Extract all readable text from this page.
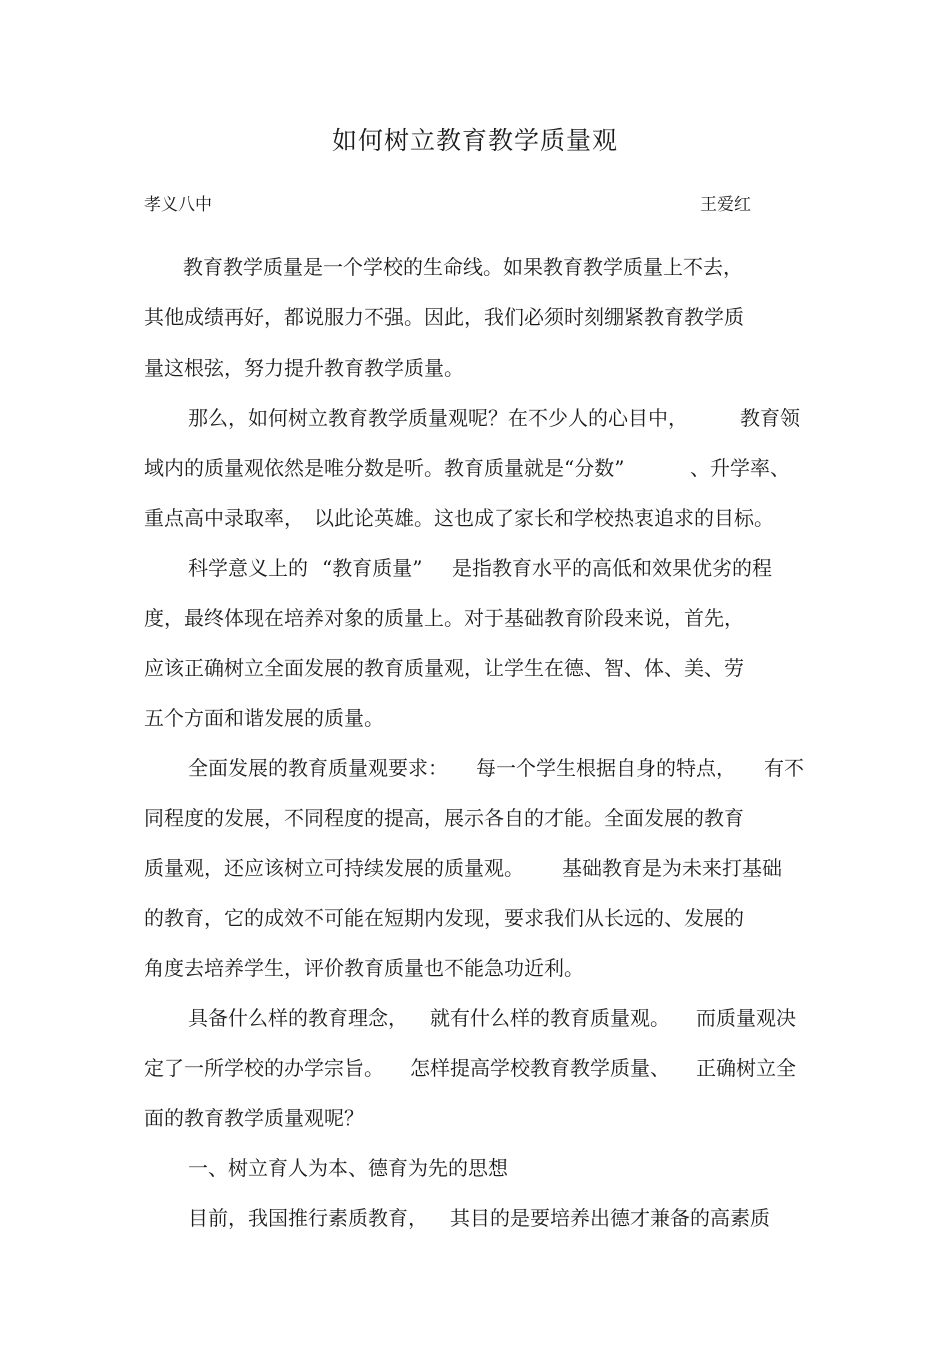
如何树立教育教学质量观
孝义八中	王爱红
教育教学质量是一个学校的生命线。如果教育教学质量上不去，
其他成绩再好，都说服力不强。因此，我们必须时刻绷紧教育教学质
量这根弦，努力提升教育教学质量。
那么，如何树立教育教学质量观呢？在不少人的心目中，	教育领
域内的质量观依然是唯分数是听。教育质量就是“分数”	、升学率、
重点高中录取率， 以此论英雄。这也成了家长和学校热衷追求的目标。
科学意义上的 “教育质量” 是指教育水平的高低和效果优劣的程
度，最终体现在培养对象的质量上。对于基础教育阶段来说，首先，
应该正确树立全面发展的教育质量观，让学生在德、智、体、美、劳
五个方面和谐发展的质量。
全面发展的教育质量观要求： 每一个学生根据自身的特点， 有不
同程度的发展，不同程度的提高，展示各自的才能。全面发展的教育
质量观，还应该树立可持续发展的质量观。 基础教育是为未来打基础
的教育，它的成效不可能在短期内发现，要求我们从长远的、发展的
角度去培养学生，评价教育质量也不能急功近利。
具备什么样的教育理念， 就有什么样的教育质量观。 而质量观决
定了一所学校的办学宗旨。 怎样提高学校教育教学质量、 正确树立全
面的教育教学质量观呢？
一、树立育人为本、德育为先的思想
目前，我国推行素质教育， 其目的是要培养出德才兼备的高素质
